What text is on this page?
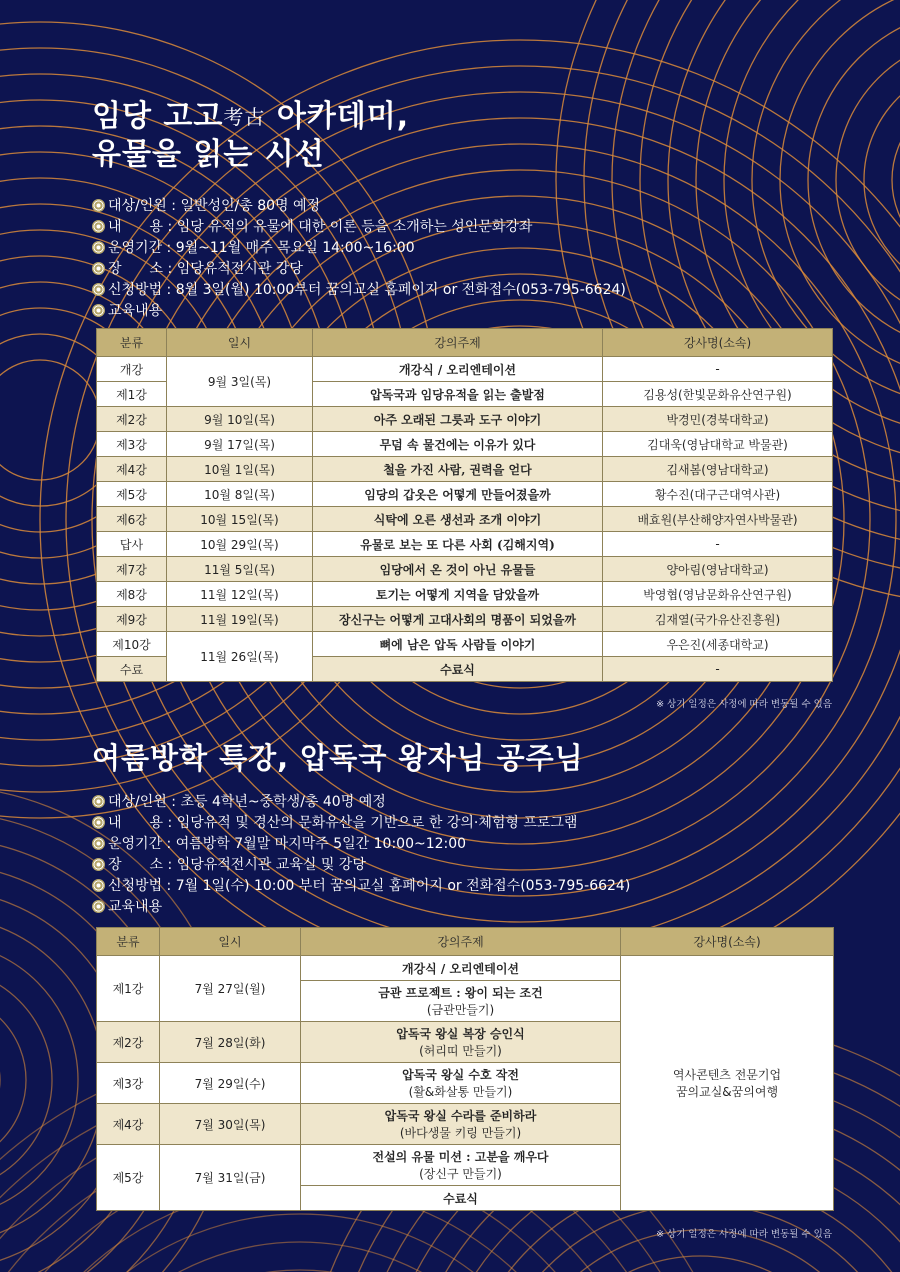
임당 고고考古 아카데미,
유물을 읽는 시선
대상/인원 : 일반성인/총 80명 예정
내　　용 : 임당 유적의 유물에 대한 이론 등을 소개하는 성인문화강좌
운영기간 : 9월~11월 매주 목요일 14:00~16:00
장　　소 : 임당유적전시관 강당
신청방법 : 8월 3일(월) 10:00부터 꿈의교실 홈페이지 or 전화접수(053-795-6624)
교육내용
분류	일시	강의주제	강사명(소속)
개강	9월 3일(목)	개강식 / 오리엔테이션	-
제1강		압독국과 임당유적을 읽는 출발점	김용성(한빛문화유산연구원)
제2강	9월 10일(목)	아주 오래된 그릇과 도구 이야기	박경민(경북대학교)
제3강	9월 17일(목)	무덤 속 물건에는 이유가 있다	김대욱(영남대학교 박물관)
제4강	10월 1일(목)	철을 가진 사람, 권력을 얻다	김새봄(영남대학교)
제5강	10월 8일(목)	임당의 갑옷은 어떻게 만들어졌을까	황수진(대구근대역사관)
제6강	10월 15일(목)	식탁에 오른 생선과 조개 이야기	배효원(부산해양자연사박물관)
답사	10월 29일(목)	유물로 보는 또 다른 사회 (김해지역)	-
제7강	11월 5일(목)	임당에서 온 것이 아닌 유물들	양아림(영남대학교)
제8강	11월 12일(목)	토기는 어떻게 지역을 담았을까	박영협(영남문화유산연구원)
제9강	11월 19일(목)	장신구는 어떻게 고대사회의 명품이 되었을까	김재열(국가유산진흥원)
제10강	11월 26일(목)	뼈에 남은 압독 사람들 이야기	우은진(세종대학교)
수료		수료식	-
※ 상기 일정은 사정에 따라 변동될 수 있음
여름방학 특강, 압독국 왕자님 공주님
대상/인원 : 초등 4학년~중학생/총 40명 예정
내　　용 : 임당유적 및 경산의 문화유산을 기반으로 한 강의·체험형 프로그램
운영기간 : 여름방학 7월말 마지막주 5일간 10:00~12:00
장　　소 : 임당유적전시관 교육실 및 강당
신청방법 : 7월 1일(수) 10:00 부터 꿈의교실 홈페이지 or 전화접수(053-795-6624)
교육내용
분류	일시	강의주제	강사명(소속)
제1강	7월 27일(월)	개강식 / 오리엔테이션	역사콘텐츠 전문기업
꿈의교실&꿈의여행

		금관 프로젝트 : 왕이 되는 조건
(금관만들기)	

제2강	7월 28일(화)	압독국 왕실 복장 승인식
(허리띠 만들기)	

제3강	7월 29일(수)	압독국 왕실 수호 작전
(활&화살통 만들기)	

제4강	7월 30일(목)	압독국 왕실 수라를 준비하라
(바다생물 키링 만들기)	

제5강	7월 31일(금)	전설의 유물 미션 : 고분을 깨우다
(장신구 만들기)	

		수료식	
※ 상기 일정은 사정에 따라 변동될 수 있음
